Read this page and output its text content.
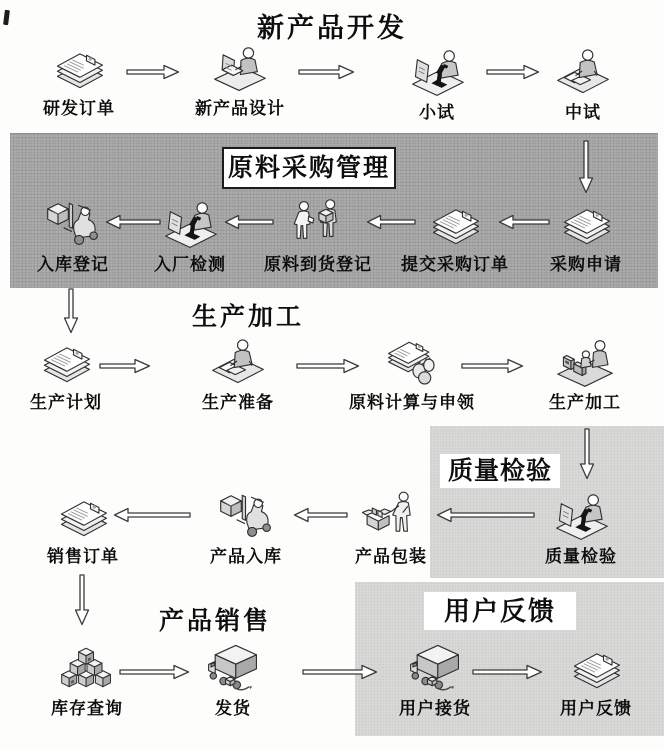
新产品开发
研发订单	新产品设计	小试	中试
原料采购管理
采购申请
提交采购订单
原料到货登记
入厂检测
入库登记
生产加工
生产计划	生产准备	原料计算与申领	生产加工
质量检验
质量检验
产品包装
产品入库
销售订单
产品销售	用户反馈
库存查询	发货	用户接货	用户反馈
